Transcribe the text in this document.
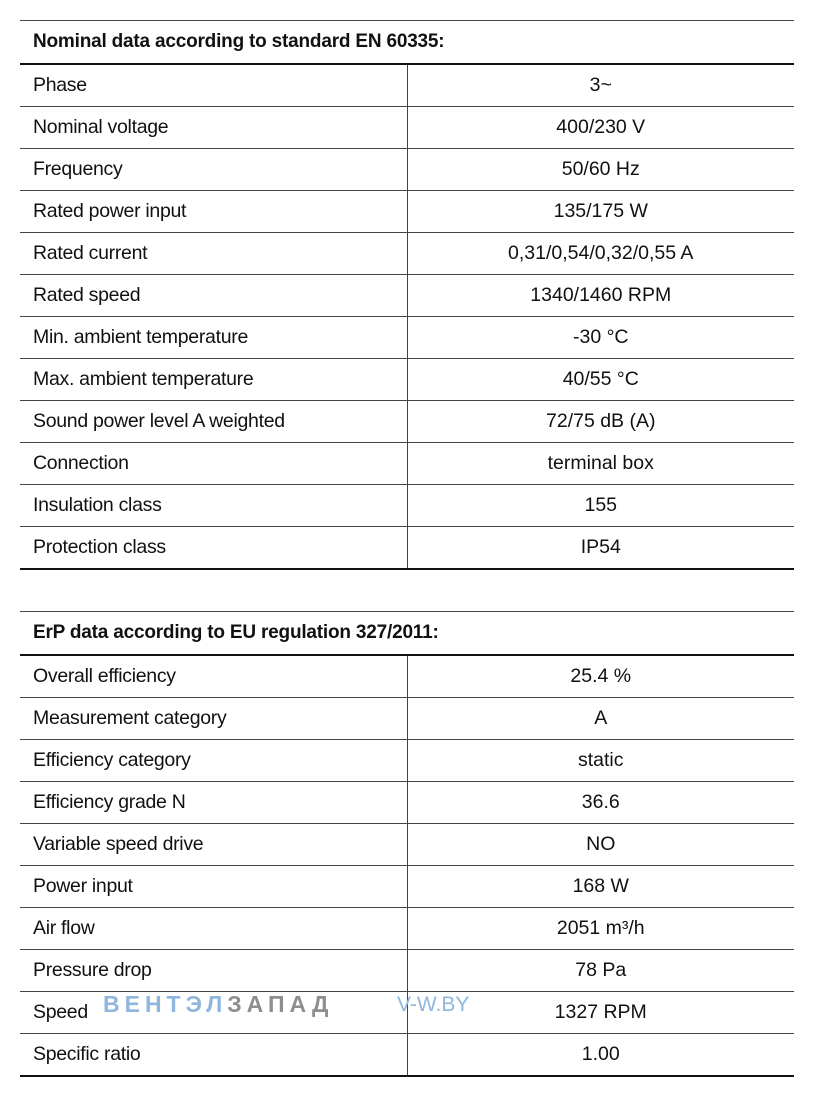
Nominal data according to standard EN 60335:	
Phase	3~
Nominal voltage	400/230 V
Frequency	50/60 Hz
Rated power input	135/175 W
Rated current	0,31/0,54/0,32/0,55 A
Rated speed	1340/1460 RPM
Min. ambient temperature	-30 °C
Max. ambient temperature	40/55 °C
Sound power level A weighted	72/75 dB (A)
Connection	terminal box
Insulation class	155
Protection class	IP54
ErP data according to EU regulation 327/2011:	
Overall efficiency	25.4 %
Measurement category	A
Efficiency category	static
Efficiency grade N	36.6
Variable speed drive	NO
Power input	168 W
Air flow	2051 m³/h
Pressure drop	78 Pa
Speed	1327 RPM
Specific ratio	1.00
ВЕНТЭЛЗАПАД	V-W.BY
